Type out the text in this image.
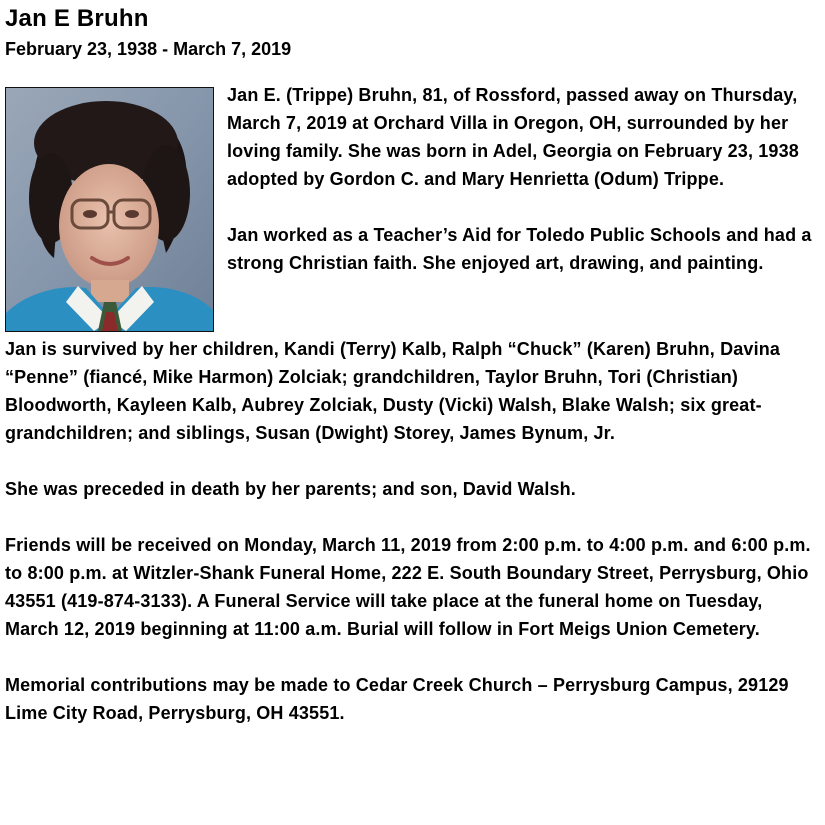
Jan E Bruhn
February 23, 1938 - March 7, 2019

Jan E. (Trippe) Bruhn, 81, of Rossford, passed away on Thursday, March 7, 2019 at Orchard Villa in Oregon, OH, surrounded by her loving family. She was born in Adel, Georgia on February 23, 1938 adopted by Gordon C. and Mary Henrietta (Odum) Trippe.

Jan worked as a Teacher’s Aid for Toledo Public Schools and had a strong Christian faith. She enjoyed art, drawing, and painting.

Jan is survived by her children, Kandi (Terry) Kalb, Ralph “Chuck” (Karen) Bruhn, Davina “Penne” (fiancé, Mike Harmon) Zolciak; grandchildren, Taylor Bruhn, Tori (Christian) Bloodworth, Kayleen Kalb, Aubrey Zolciak, Dusty (Vicki) Walsh, Blake Walsh; six great-grandchildren; and siblings, Susan (Dwight) Storey, James Bynum, Jr.

She was preceded in death by her parents; and son, David Walsh.

Friends will be received on Monday, March 11, 2019 from 2:00 p.m. to 4:00 p.m. and 6:00 p.m. to 8:00 p.m. at Witzler-Shank Funeral Home, 222 E. South Boundary Street, Perrysburg, Ohio 43551 (419-874-3133). A Funeral Service will take place at the funeral home on Tuesday, March 12, 2019 beginning at 11:00 a.m. Burial will follow in Fort Meigs Union Cemetery.

Memorial contributions may be made to Cedar Creek Church – Perrysburg Campus, 29129 Lime City Road, Perrysburg, OH 43551.
